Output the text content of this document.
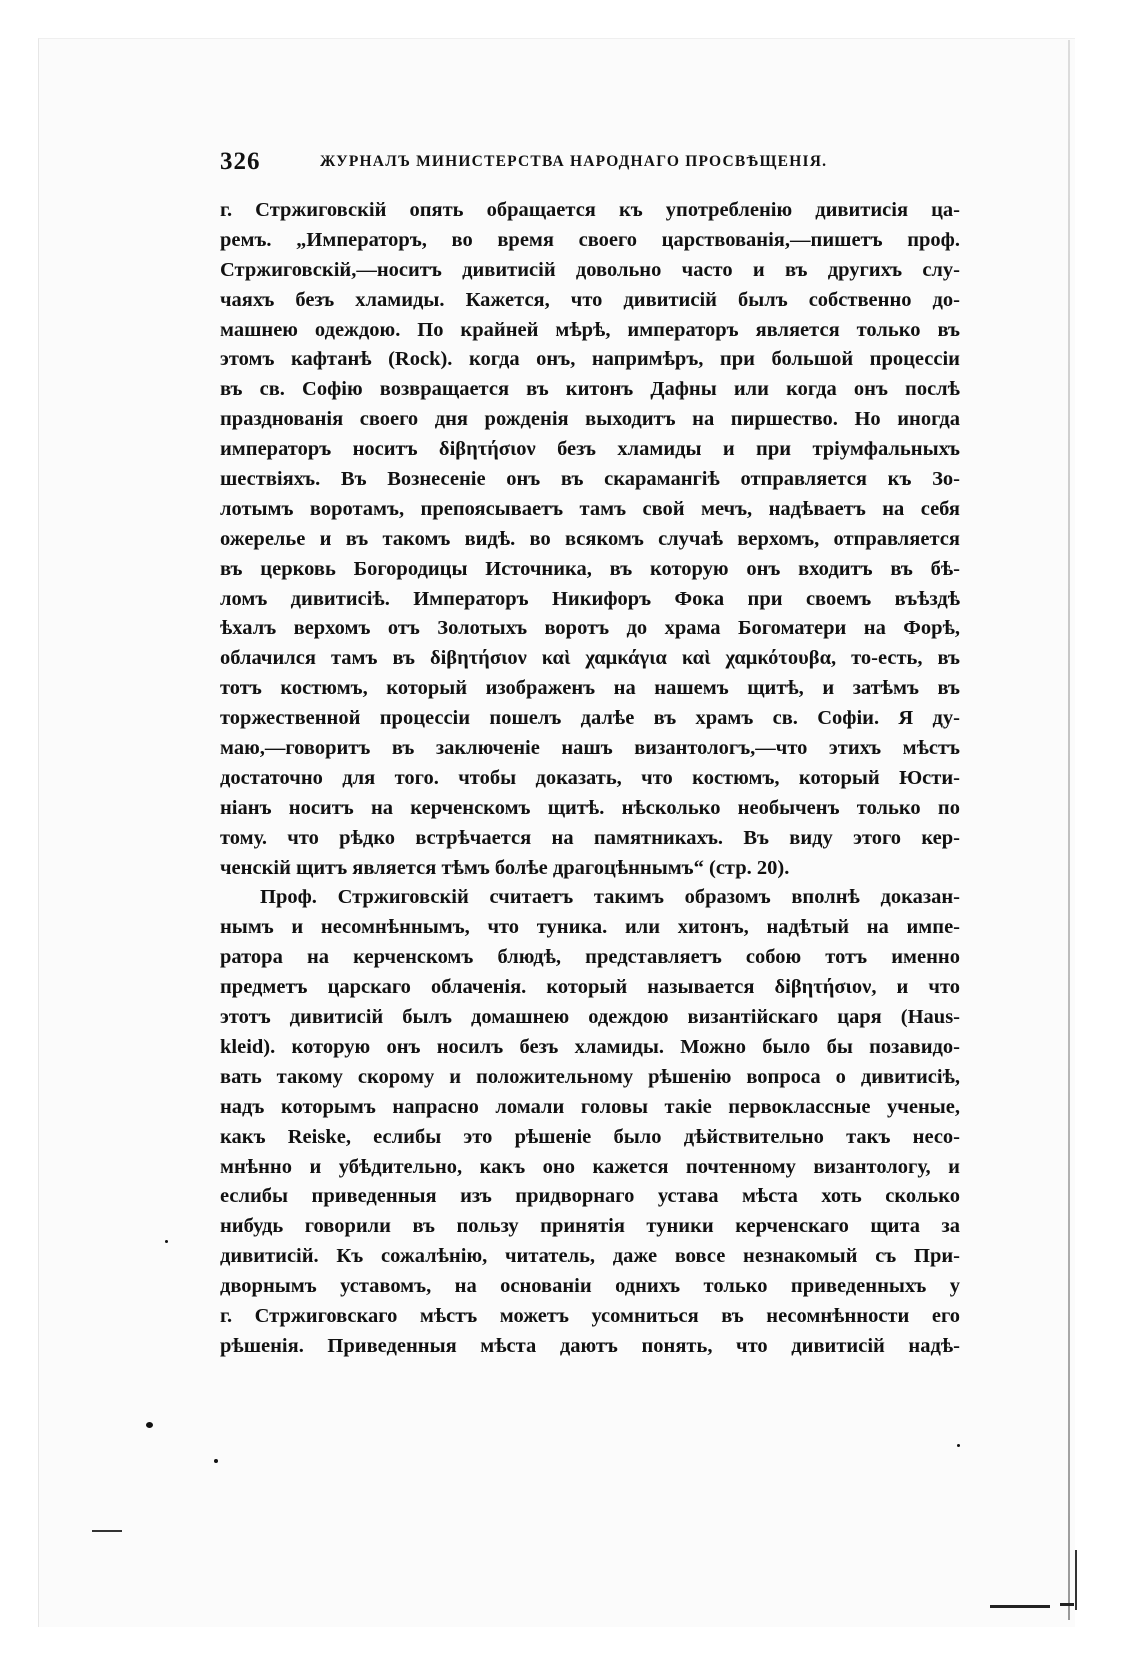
326	ЖУРНАЛЪ МИНИСТЕРСТВА НАРОДНАГО ПРОСВѢЩЕНІЯ.
г. Стржиговскій опять обращается къ употребленію дивитисія ца-
ремъ. „Императоръ, во время своего царствованія,—пишетъ проф.
Стржиговскій,—носитъ дивитисій довольно часто и въ другихъ слу-
чаяхъ безъ хламиды. Кажется, что дивитисій былъ собственно до-
машнею одеждою. По крайней мѣрѣ, императоръ является только въ
этомъ кафтанѣ (Rock). когда онъ, напримѣръ, при большой процессіи
въ св. Софію возвращается въ китонъ Дафны или когда онъ послѣ
празднованія своего дня рожденія выходитъ на пиршество. Но иногда
императоръ носитъ δiβητήσιον безъ хламиды и при тріумфальныхъ
шествіяхъ. Въ Вознесеніе онъ въ скарамангіѣ отправляется къ Зо-
лотымъ воротамъ, препоясываетъ тамъ свой мечъ, надѣваетъ на себя
ожерелье и въ такомъ видѣ. во всякомъ случаѣ верхомъ, отправляется
въ церковь Богородицы Источника, въ которую онъ входитъ въ бѣ-
ломъ дивитисіѣ. Императоръ Никифоръ Фока при своемъ въѣздѣ
ѣхалъ верхомъ отъ Золотыхъ воротъ до храма Богоматери на Форѣ,
облачился тамъ въ δiβητήσιον καὶ χαμκάγια καὶ χαμκότουβα, то-есть, въ
тотъ костюмъ, который изображенъ на нашемъ щитѣ, и затѣмъ въ
торжественной процессіи пошелъ далѣе въ храмъ св. Софіи. Я ду-
маю,—говоритъ въ заключеніе нашъ византологъ,—что этихъ мѣстъ
достаточно для того. чтобы доказать, что костюмъ, который Юсти-
ніанъ носитъ на керченскомъ щитѣ. нѣсколько необыченъ только по
тому. что рѣдко встрѣчается на памятникахъ. Въ виду этого кер-
ченскій щитъ является тѣмъ болѣе драгоцѣннымъ“ (стр. 20).
Проф. Стржиговскій считаетъ такимъ образомъ вполнѣ доказан-
нымъ и несомнѣннымъ, что туника. или хитонъ, надѣтый на импе-
ратора на керченскомъ блюдѣ, представляетъ собою тотъ именно
предметъ царскаго облаченія. который называется δiβητήσιον, и что
этотъ дивитисій былъ домашнею одеждою византійскаго царя (Haus-
kleid). которую онъ носилъ безъ хламиды. Можно было бы позавидо-
вать такому скорому и положительному рѣшенію вопроса о дивитисіѣ,
надъ которымъ напрасно ломали головы такіе первоклассные ученые,
какъ Reiske, еслибы это рѣшеніе было дѣйствительно такъ несо-
мнѣнно и убѣдительно, какъ оно кажется почтенному византологу, и
еслибы приведенныя изъ придворнаго устава мѣста хоть сколько
нибудь говорили въ пользу принятія туники керченскаго щита за
дивитисій. Къ сожалѣнію, читатель, даже вовсе незнакомый съ При-
дворнымъ уставомъ, на основаніи однихъ только приведенныхъ у
г. Стржиговскаго мѣстъ можетъ усомниться въ несомнѣнности его
рѣшенія. Приведенныя мѣста даютъ понять, что дивитисій надѣ-
